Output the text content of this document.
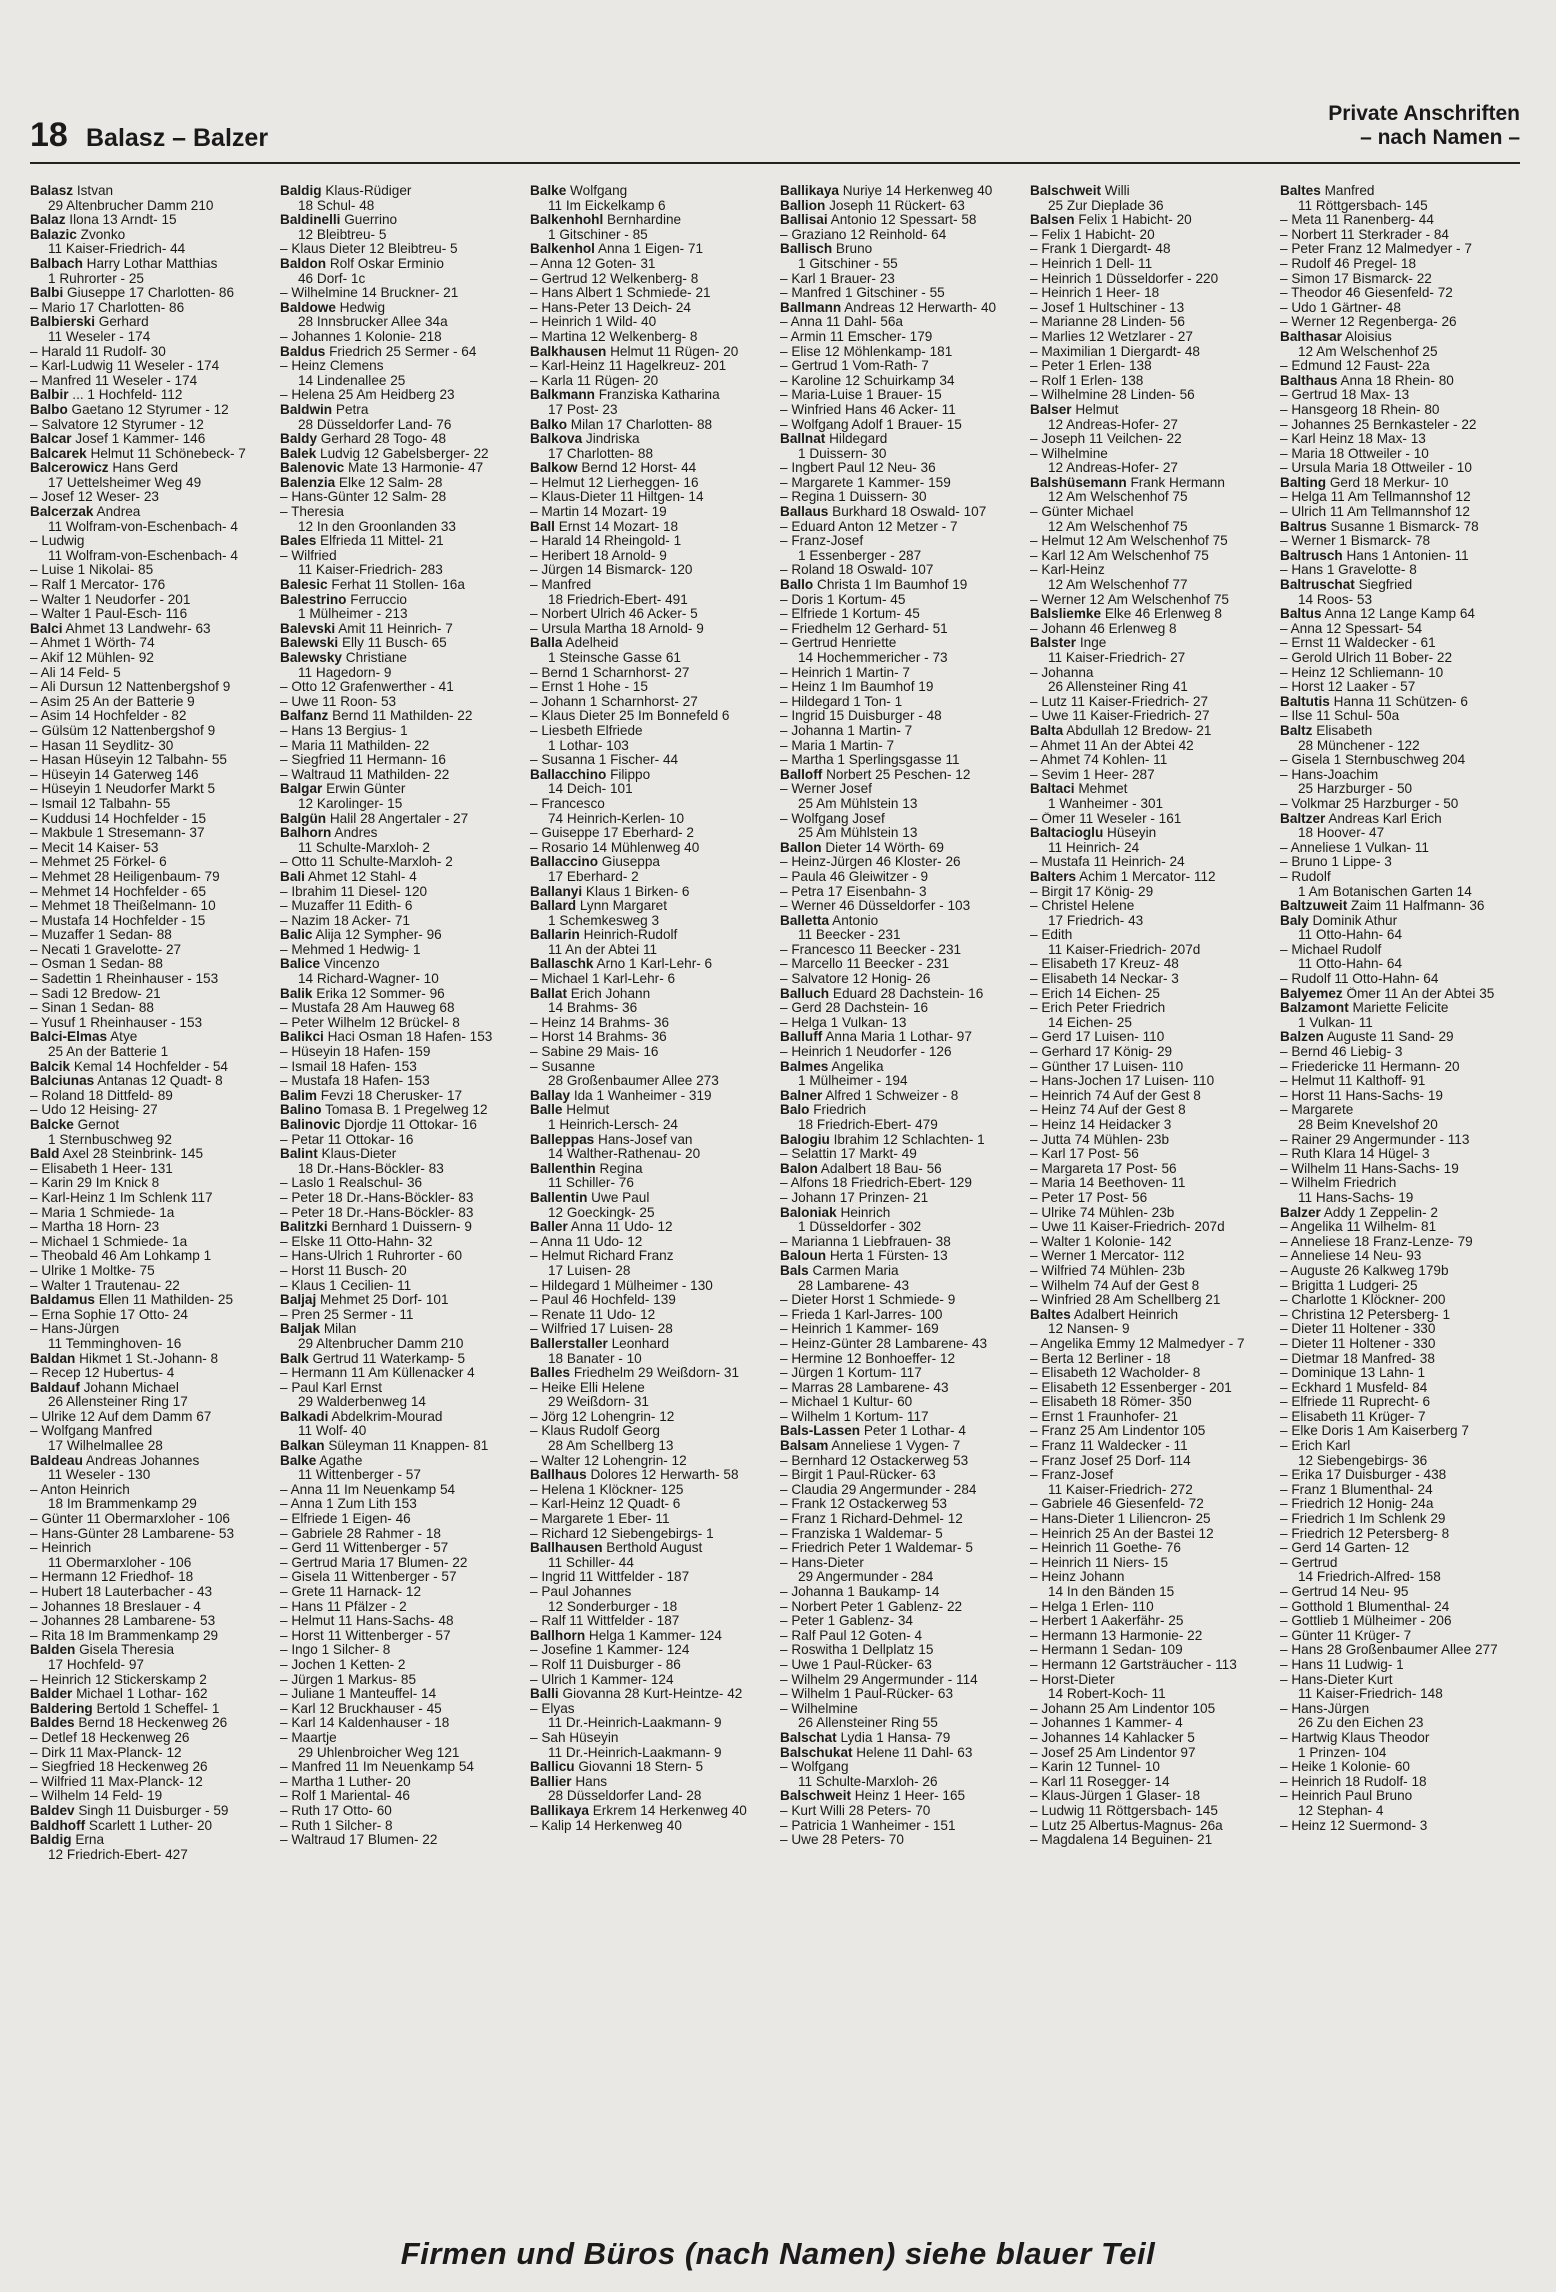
18 Balasz – Balzer
Private Anschriften
– nach Namen –
Balasz Istvan
29 Altenbrucher Damm 210
Balaz Ilona 13 Arndt- 15
Balazic Zvonko
11 Kaiser-Friedrich- 44
Balbach Harry Lothar Matthias
1 Ruhrorter - 25
Balbi Giuseppe 17 Charlotten- 86
– Mario 17 Charlotten- 86
Balbierski Gerhard
11 Weseler - 174
– Harald 11 Rudolf- 30
– Karl-Ludwig 11 Weseler - 174
– Manfred 11 Weseler - 174
Balbir ... 1 Hochfeld- 112
Balbo Gaetano 12 Styrumer - 12
– Salvatore 12 Styrumer - 12
Balcar Josef 1 Kammer- 146
Balcarek Helmut 11 Schönebeck- 7
Balcerowicz Hans Gerd
17 Uettelsheimer Weg 49
– Josef 12 Weser- 23
Balcerzak Andrea
11 Wolfram-von-Eschenbach- 4
– Ludwig
11 Wolfram-von-Eschenbach- 4
– Luise 1 Nikolai- 85
– Ralf 1 Mercator- 176
– Walter 1 Neudorfer - 201
– Walter 1 Paul-Esch- 116
Balci Ahmet 13 Landwehr- 63
– Ahmet 1 Wörth- 74
– Akif 12 Mühlen- 92
– Ali 14 Feld- 5
– Ali Dursun 12 Nattenbergshof 9
– Asim 25 An der Batterie 9
– Asim 14 Hochfelder - 82
– Gülsüm 12 Nattenbergshof 9
– Hasan 11 Seydlitz- 30
– Hasan Hüseyin 12 Talbahn- 55
– Hüseyin 14 Gaterweg 146
– Hüseyin 1 Neudorfer Markt 5
– Ismail 12 Talbahn- 55
– Kuddusi 14 Hochfelder - 15
– Makbule 1 Stresemann- 37
– Mecit 14 Kaiser- 53
– Mehmet 25 Förkel- 6
– Mehmet 28 Heiligenbaum- 79
– Mehmet 14 Hochfelder - 65
– Mehmet 18 Theißelmann- 10
– Mustafa 14 Hochfelder - 15
– Muzaffer 1 Sedan- 88
– Necati 1 Gravelotte- 27
– Osman 1 Sedan- 88
– Sadettin 1 Rheinhauser - 153
– Sadi 12 Bredow- 21
– Sinan 1 Sedan- 88
– Yusuf 1 Rheinhauser - 153
Balci-Elmas Atye
25 An der Batterie 1
Balcik Kemal 14 Hochfelder - 54
Balciunas Antanas 12 Quadt- 8
– Roland 18 Dittfeld- 89
– Udo 12 Heising- 27
Balcke Gernot
1 Sternbuschweg 92
Bald Axel 28 Steinbrink- 145
– Elisabeth 1 Heer- 131
– Karin 29 Im Knick 8
– Karl-Heinz 1 Im Schlenk 117
– Maria 1 Schmiede- 1a
– Martha 18 Horn- 23
– Michael 1 Schmiede- 1a
– Theobald 46 Am Lohkamp 1
– Ulrike 1 Moltke- 75
– Walter 1 Trautenau- 22
Baldamus Ellen 11 Mathilden- 25
– Erna Sophie 17 Otto- 24
– Hans-Jürgen
11 Temminghoven- 16
Baldan Hikmet 1 St.-Johann- 8
– Recep 12 Hubertus- 4
Baldauf Johann Michael
26 Allensteiner Ring 17
– Ulrike 12 Auf dem Damm 67
– Wolfgang Manfred
17 Wilhelmallee 28
Baldeau Andreas Johannes
11 Weseler - 130
– Anton Heinrich
18 Im Brammenkamp 29
– Günter 11 Obermarxloher - 106
– Hans-Günter 28 Lambarene- 53
– Heinrich
11 Obermarxloher - 106
– Hermann 12 Friedhof- 18
– Hubert 18 Lauterbacher - 43
– Johannes 18 Breslauer - 4
– Johannes 28 Lambarene- 53
– Rita 18 Im Brammenkamp 29
Balden Gisela Theresia
17 Hochfeld- 97
– Heinrich 12 Stickerskamp 2
Balder Michael 1 Lothar- 162
Baldering Bertold 1 Scheffel- 1
Baldes Bernd 18 Heckenweg 26
– Detlef 18 Heckenweg 26
– Dirk 11 Max-Planck- 12
– Siegfried 18 Heckenweg 26
– Wilfried 11 Max-Planck- 12
– Wilhelm 14 Feld- 19
Baldev Singh 11 Duisburger - 59
Baldhoff Scarlett 1 Luther- 20
Baldig Erna
12 Friedrich-Ebert- 427
Baldig Klaus-Rüdiger
18 Schul- 48
Baldinelli Guerrino
12 Bleibtreu- 5
– Klaus Dieter 12 Bleibtreu- 5
Baldon Rolf Oskar Erminio
46 Dorf- 1c
– Wilhelmine 14 Bruckner- 21
Baldowe Hedwig
28 Innsbrucker Allee 34a
– Johannes 1 Kolonie- 218
Baldus Friedrich 25 Sermer - 64
– Heinz Clemens
14 Lindenallee 25
– Helena 25 Am Heidberg 23
Baldwin Petra
28 Düsseldorfer Land- 76
Baldy Gerhard 28 Togo- 48
Balek Ludvig 12 Gabelsberger- 22
Balenovic Mate 13 Harmonie- 47
Balenzia Elke 12 Salm- 28
– Hans-Günter 12 Salm- 28
– Theresia
12 In den Groonlanden 33
Bales Elfrieda 11 Mittel- 21
– Wilfried
11 Kaiser-Friedrich- 283
Balesic Ferhat 11 Stollen- 16a
Balestrino Ferruccio
1 Mülheimer - 213
Balevski Amit 11 Heinrich- 7
Balewski Elly 11 Busch- 65
Balewsky Christiane
11 Hagedorn- 9
– Otto 12 Grafenwerther - 41
– Uwe 11 Roon- 53
Balfanz Bernd 11 Mathilden- 22
– Hans 13 Bergius- 1
– Maria 11 Mathilden- 22
– Siegfried 11 Hermann- 16
– Waltraud 11 Mathilden- 22
Balgar Erwin Günter
12 Karolinger- 15
Balgün Halil 28 Angertaler - 27
Balhorn Andres
11 Schulte-Marxloh- 2
– Otto 11 Schulte-Marxloh- 2
Bali Ahmet 12 Stahl- 4
– Ibrahim 11 Diesel- 120
– Muzaffer 11 Edith- 6
– Nazim 18 Acker- 71
Balic Alija 12 Sympher- 96
– Mehmed 1 Hedwig- 1
Balice Vincenzo
14 Richard-Wagner- 10
Balik Erika 12 Sommer- 96
– Mustafa 28 Am Hauweg 68
– Peter Wilhelm 12 Brückel- 8
Balikci Haci Osman 18 Hafen- 153
– Hüseyin 18 Hafen- 159
– Ismail 18 Hafen- 153
– Mustafa 18 Hafen- 153
Balim Fevzi 18 Cherusker- 17
Balino Tomasa B. 1 Pregelweg 12
Balinovic Djordje 11 Ottokar- 16
– Petar 11 Ottokar- 16
Balint Klaus-Dieter
18 Dr.-Hans-Böckler- 83
– Laslo 1 Realschul- 36
– Peter 18 Dr.-Hans-Böckler- 83
– Peter 18 Dr.-Hans-Böckler- 83
Balitzki Bernhard 1 Duissern- 9
– Elske 11 Otto-Hahn- 32
– Hans-Ulrich 1 Ruhrorter - 60
– Horst 11 Busch- 20
– Klaus 1 Cecilien- 11
Baljaj Mehmet 25 Dorf- 101
– Pren 25 Sermer - 11
Baljak Milan
29 Altenbrucher Damm 210
Balk Gertrud 11 Waterkamp- 5
– Hermann 11 Am Küllenacker 4
– Paul Karl Ernst
29 Walderbenweg 14
Balkadi Abdelkrim-Mourad
11 Wolf- 40
Balkan Süleyman 11 Knappen- 81
Balke Agathe
11 Wittenberger - 57
– Anna 11 Im Neuenkamp 54
– Anna 1 Zum Lith 153
– Elfriede 1 Eigen- 46
– Gabriele 28 Rahmer - 18
– Gerd 11 Wittenberger - 57
– Gertrud Maria 17 Blumen- 22
– Gisela 11 Wittenberger - 57
– Grete 11 Harnack- 12
– Hans 11 Pfälzer - 2
– Helmut 11 Hans-Sachs- 48
– Horst 11 Wittenberger - 57
– Ingo 1 Silcher- 8
– Jochen 1 Ketten- 2
– Jürgen 1 Markus- 85
– Juliane 1 Manteuffel- 14
– Karl 12 Bruckhauser - 45
– Karl 14 Kaldenhauser - 18
– Maartje
29 Uhlenbroicher Weg 121
– Manfred 11 Im Neuenkamp 54
– Martha 1 Luther- 20
– Rolf 1 Mariental- 46
– Ruth 17 Otto- 60
– Ruth 1 Silcher- 8
– Waltraud 17 Blumen- 22
Balke Wolfgang
11 Im Eickelkamp 6
Balkenhohl Bernhardine
1 Gitschiner - 85
Balkenhol Anna 1 Eigen- 71
– Anna 12 Goten- 31
– Gertrud 12 Welkenberg- 8
– Hans Albert 1 Schmiede- 21
– Hans-Peter 13 Deich- 24
– Heinrich 1 Wild- 40
– Martina 12 Welkenberg- 8
Balkhausen Helmut 11 Rügen- 20
– Karl-Heinz 11 Hagelkreuz- 201
– Karla 11 Rügen- 20
Balkmann Franziska Katharina
17 Post- 23
Balko Milan 17 Charlotten- 88
Balkova Jindriska
17 Charlotten- 88
Balkow Bernd 12 Horst- 44
– Helmut 12 Lierheggen- 16
– Klaus-Dieter 11 Hiltgen- 14
– Martin 14 Mozart- 19
Ball Ernst 14 Mozart- 18
– Harald 14 Rheingold- 1
– Heribert 18 Arnold- 9
– Jürgen 14 Bismarck- 120
– Manfred
18 Friedrich-Ebert- 491
– Norbert Ulrich 46 Acker- 5
– Ursula Martha 18 Arnold- 9
Balla Adelheid
1 Steinsche Gasse 61
– Bernd 1 Scharnhorst- 27
– Ernst 1 Hohe - 15
– Johann 1 Scharnhorst- 27
– Klaus Dieter 25 Im Bonnefeld 6
– Liesbeth Elfriede
1 Lothar- 103
– Susanna 1 Fischer- 44
Ballacchino Filippo
14 Deich- 101
– Francesco
74 Heinrich-Kerlen- 10
– Guiseppe 17 Eberhard- 2
– Rosario 14 Mühlenweg 40
Ballaccino Giuseppa
17 Eberhard- 2
Ballanyi Klaus 1 Birken- 6
Ballard Lynn Margaret
1 Schemkesweg 3
Ballarin Heinrich-Rudolf
11 An der Abtei 11
Ballaschk Arno 1 Karl-Lehr- 6
– Michael 1 Karl-Lehr- 6
Ballat Erich Johann
14 Brahms- 36
– Heinz 14 Brahms- 36
– Horst 14 Brahms- 36
– Sabine 29 Mais- 16
– Susanne
28 Großenbaumer Allee 273
Ballay Ida 1 Wanheimer - 319
Balle Helmut
1 Heinrich-Lersch- 24
Balleppas Hans-Josef van
14 Walther-Rathenau- 20
Ballenthin Regina
11 Schiller- 76
Ballentin Uwe Paul
12 Goeckingk- 25
Baller Anna 11 Udo- 12
– Anna 11 Udo- 12
– Helmut Richard Franz
17 Luisen- 28
– Hildegard 1 Mülheimer - 130
– Paul 46 Hochfeld- 139
– Renate 11 Udo- 12
– Wilfried 17 Luisen- 28
Ballerstaller Leonhard
18 Banater - 10
Balles Friedhelm 29 Weißdorn- 31
– Heike Elli Helene
29 Weißdorn- 31
– Jörg 12 Lohengrin- 12
– Klaus Rudolf Georg
28 Am Schellberg 13
– Walter 12 Lohengrin- 12
Ballhaus Dolores 12 Herwarth- 58
– Helena 1 Klöckner- 125
– Karl-Heinz 12 Quadt- 6
– Margarete 1 Eber- 11
– Richard 12 Siebengebirgs- 1
Ballhausen Berthold August
11 Schiller- 44
– Ingrid 11 Wittfelder - 187
– Paul Johannes
12 Sonderburger - 18
– Ralf 11 Wittfelder - 187
Ballhorn Helga 1 Kammer- 124
– Josefine 1 Kammer- 124
– Rolf 11 Duisburger - 86
– Ulrich 1 Kammer- 124
Balli Giovanna 28 Kurt-Heintze- 42
– Elyas
11 Dr.-Heinrich-Laakmann- 9
– Sah Hüseyin
11 Dr.-Heinrich-Laakmann- 9
Ballicu Giovanni 18 Stern- 5
Ballier Hans
28 Düsseldorfer Land- 28
Ballikaya Erkrem 14 Herkenweg 40
– Kalip 14 Herkenweg 40
Ballikaya Nuriye 14 Herkenweg 40
Ballion Joseph 11 Rückert- 63
Ballisai Antonio 12 Spessart- 58
– Graziano 12 Reinhold- 64
Ballisch Bruno
1 Gitschiner - 55
– Karl 1 Brauer- 23
– Manfred 1 Gitschiner - 55
Ballmann Andreas 12 Herwarth- 40
– Anna 11 Dahl- 56a
– Armin 11 Emscher- 179
– Elise 12 Möhlenkamp- 181
– Gertrud 1 Vom-Rath- 7
– Karoline 12 Schuirkamp 34
– Maria-Luise 1 Brauer- 15
– Winfried Hans 46 Acker- 11
– Wolfgang Adolf 1 Brauer- 15
Ballnat Hildegard
1 Duissern- 30
– Ingbert Paul 12 Neu- 36
– Margarete 1 Kammer- 159
– Regina 1 Duissern- 30
Ballaus Burkhard 18 Oswald- 107
– Eduard Anton 12 Metzer - 7
– Franz-Josef
1 Essenberger - 287
– Roland 18 Oswald- 107
Ballo Christa 1 Im Baumhof 19
– Doris 1 Kortum- 45
– Elfriede 1 Kortum- 45
– Friedhelm 12 Gerhard- 51
– Gertrud Henriette
14 Hochemmericher - 73
– Heinrich 1 Martin- 7
– Heinz 1 Im Baumhof 19
– Hildegard 1 Ton- 1
– Ingrid 15 Duisburger - 48
– Johanna 1 Martin- 7
– Maria 1 Martin- 7
– Martha 1 Sperlingsgasse 11
Balloff Norbert 25 Peschen- 12
– Werner Josef
25 Am Mühlstein 13
– Wolfgang Josef
25 Am Mühlstein 13
Ballon Dieter 14 Wörth- 69
– Heinz-Jürgen 46 Kloster- 26
– Paula 46 Gleiwitzer - 9
– Petra 17 Eisenbahn- 3
– Werner 46 Düsseldorfer - 103
Balletta Antonio
11 Beecker - 231
– Francesco 11 Beecker - 231
– Marcello 11 Beecker - 231
– Salvatore 12 Honig- 26
Balluch Eduard 28 Dachstein- 16
– Gerd 28 Dachstein- 16
– Helga 1 Vulkan- 13
Balluff Anna Maria 1 Lothar- 97
– Heinrich 1 Neudorfer - 126
Balmes Angelika
1 Mülheimer - 194
Balner Alfred 1 Schweizer - 8
Balo Friedrich
18 Friedrich-Ebert- 479
Balogiu Ibrahim 12 Schlachten- 1
– Selattin 17 Markt- 49
Balon Adalbert 18 Bau- 56
– Alfons 18 Friedrich-Ebert- 129
– Johann 17 Prinzen- 21
Baloniak Heinrich
1 Düsseldorfer - 302
– Marianna 1 Liebfrauen- 38
Baloun Herta 1 Fürsten- 13
Bals Carmen Maria
28 Lambarene- 43
– Dieter Horst 1 Schmiede- 9
– Frieda 1 Karl-Jarres- 100
– Heinrich 1 Kammer- 169
– Heinz-Günter 28 Lambarene- 43
– Hermine 12 Bonhoeffer- 12
– Jürgen 1 Kortum- 117
– Marras 28 Lambarene- 43
– Michael 1 Kultur- 60
– Wilhelm 1 Kortum- 117
Bals-Lassen Peter 1 Lothar- 4
Balsam Anneliese 1 Vygen- 7
– Bernhard 12 Ostackerweg 53
– Birgit 1 Paul-Rücker- 63
– Claudia 29 Angermunder - 284
– Frank 12 Ostackerweg 53
– Franz 1 Richard-Dehmel- 12
– Franziska 1 Waldemar- 5
– Friedrich Peter 1 Waldemar- 5
– Hans-Dieter
29 Angermunder - 284
– Johanna 1 Baukamp- 14
– Norbert Peter 1 Gablenz- 22
– Peter 1 Gablenz- 34
– Ralf Paul 12 Goten- 4
– Roswitha 1 Dellplatz 15
– Uwe 1 Paul-Rücker- 63
– Wilhelm 29 Angermunder - 114
– Wilhelm 1 Paul-Rücker- 63
– Wilhelmine
26 Allensteiner Ring 55
Balschat Lydia 1 Hansa- 79
Balschukat Helene 11 Dahl- 63
– Wolfgang
11 Schulte-Marxloh- 26
Balschweit Heinz 1 Heer- 165
– Kurt Willi 28 Peters- 70
– Patricia 1 Wanheimer - 151
– Uwe 28 Peters- 70
Balschweit Willi
25 Zur Dieplade 36
Balsen Felix 1 Habicht- 20
– Felix 1 Habicht- 20
– Frank 1 Diergardt- 48
– Heinrich 1 Dell- 11
– Heinrich 1 Düsseldorfer - 220
– Heinrich 1 Heer- 18
– Josef 1 Hultschiner - 13
– Marianne 28 Linden- 56
– Marlies 12 Wetzlarer - 27
– Maximilian 1 Diergardt- 48
– Peter 1 Erlen- 138
– Rolf 1 Erlen- 138
– Wilhelmine 28 Linden- 56
Balser Helmut
12 Andreas-Hofer- 27
– Joseph 11 Veilchen- 22
– Wilhelmine
12 Andreas-Hofer- 27
Balshüsemann Frank Hermann
12 Am Welschenhof 75
– Günter Michael
12 Am Welschenhof 75
– Helmut 12 Am Welschenhof 75
– Karl 12 Am Welschenhof 75
– Karl-Heinz
12 Am Welschenhof 77
– Werner 12 Am Welschenhof 75
Balsliemke Elke 46 Erlenweg 8
– Johann 46 Erlenweg 8
Balster Inge
11 Kaiser-Friedrich- 27
– Johanna
26 Allensteiner Ring 41
– Lutz 11 Kaiser-Friedrich- 27
– Uwe 11 Kaiser-Friedrich- 27
Balta Abdullah 12 Bredow- 21
– Ahmet 11 An der Abtei 42
– Ahmet 74 Kohlen- 11
– Sevim 1 Heer- 287
Baltaci Mehmet
1 Wanheimer - 301
– Ömer 11 Weseler - 161
Baltacioglu Hüseyin
11 Heinrich- 24
– Mustafa 11 Heinrich- 24
Balters Achim 1 Mercator- 112
– Birgit 17 König- 29
– Christel Helene
17 Friedrich- 43
– Edith
11 Kaiser-Friedrich- 207d
– Elisabeth 17 Kreuz- 48
– Elisabeth 14 Neckar- 3
– Erich 14 Eichen- 25
– Erich Peter Friedrich
14 Eichen- 25
– Gerd 17 Luisen- 110
– Gerhard 17 König- 29
– Günther 17 Luisen- 110
– Hans-Jochen 17 Luisen- 110
– Heinrich 74 Auf der Gest 8
– Heinz 74 Auf der Gest 8
– Heinz 14 Heidacker 3
– Jutta 74 Mühlen- 23b
– Karl 17 Post- 56
– Margareta 17 Post- 56
– Maria 14 Beethoven- 11
– Peter 17 Post- 56
– Ulrike 74 Mühlen- 23b
– Uwe 11 Kaiser-Friedrich- 207d
– Walter 1 Kolonie- 142
– Werner 1 Mercator- 112
– Wilfried 74 Mühlen- 23b
– Wilhelm 74 Auf der Gest 8
– Winfried 28 Am Schellberg 21
Baltes Adalbert Heinrich
12 Nansen- 9
– Angelika Emmy 12 Malmedyer - 7
– Berta 12 Berliner - 18
– Elisabeth 12 Wacholder- 8
– Elisabeth 12 Essenberger - 201
– Elisabeth 18 Römer- 350
– Ernst 1 Fraunhofer- 21
– Franz 25 Am Lindentor 105
– Franz 11 Waldecker - 11
– Franz Josef 25 Dorf- 114
– Franz-Josef
11 Kaiser-Friedrich- 272
– Gabriele 46 Giesenfeld- 72
– Hans-Dieter 1 Liliencron- 25
– Heinrich 25 An der Bastei 12
– Heinrich 11 Goethe- 76
– Heinrich 11 Niers- 15
– Heinz Johann
14 In den Bänden 15
– Helga 1 Erlen- 110
– Herbert 1 Aakerfähr- 25
– Hermann 13 Harmonie- 22
– Hermann 1 Sedan- 109
– Hermann 12 Gartsträucher - 113
– Horst-Dieter
14 Robert-Koch- 11
– Johann 25 Am Lindentor 105
– Johannes 1 Kammer- 4
– Johannes 14 Kahlacker 5
– Josef 25 Am Lindentor 97
– Karin 12 Tunnel- 10
– Karl 11 Rosegger- 14
– Klaus-Jürgen 1 Glaser- 18
– Ludwig 11 Röttgersbach- 145
– Lutz 25 Albertus-Magnus- 26a
– Magdalena 14 Beguinen- 21
Baltes Manfred
11 Röttgersbach- 145
– Meta 11 Ranenberg- 44
– Norbert 11 Sterkrader - 84
– Peter Franz 12 Malmedyer - 7
– Rudolf 46 Pregel- 18
– Simon 17 Bismarck- 22
– Theodor 46 Giesenfeld- 72
– Udo 1 Gärtner- 48
– Werner 12 Regenberga- 26
Balthasar Aloisius
12 Am Welschenhof 25
– Edmund 12 Faust- 22a
Balthaus Anna 18 Rhein- 80
– Gertrud 18 Max- 13
– Hansgeorg 18 Rhein- 80
– Johannes 25 Bernkasteler - 22
– Karl Heinz 18 Max- 13
– Maria 18 Ottweiler - 10
– Ursula Maria 18 Ottweiler - 10
Balting Gerd 18 Merkur- 10
– Helga 11 Am Tellmannshof 12
– Ulrich 11 Am Tellmannshof 12
Baltrus Susanne 1 Bismarck- 78
– Werner 1 Bismarck- 78
Baltrusch Hans 1 Antonien- 11
– Hans 1 Gravelotte- 8
Baltruschat Siegfried
14 Roos- 53
Baltus Anna 12 Lange Kamp 64
– Anna 12 Spessart- 54
– Ernst 11 Waldecker - 61
– Gerold Ulrich 11 Bober- 22
– Heinz 12 Schliemann- 10
– Horst 12 Laaker - 57
Baltutis Hanna 11 Schützen- 6
– Ilse 11 Schul- 50a
Baltz Elisabeth
28 Münchener - 122
– Gisela 1 Sternbuschweg 204
– Hans-Joachim
25 Harzburger - 50
– Volkmar 25 Harzburger - 50
Baltzer Andreas Karl Erich
18 Hoover- 47
– Anneliese 1 Vulkan- 11
– Bruno 1 Lippe- 3
– Rudolf
1 Am Botanischen Garten 14
Baltzuweit Zaim 11 Halfmann- 36
Baly Dominik Athur
11 Otto-Hahn- 64
– Michael Rudolf
11 Otto-Hahn- 64
– Rudolf 11 Otto-Hahn- 64
Balyemez Ömer 11 An der Abtei 35
Balzamont Mariette Felicite
1 Vulkan- 11
Balzen Auguste 11 Sand- 29
– Bernd 46 Liebig- 3
– Friedericke 11 Hermann- 20
– Helmut 11 Kalthoff- 91
– Horst 11 Hans-Sachs- 19
– Margarete
28 Beim Knevelshof 20
– Rainer 29 Angermunder - 113
– Ruth Klara 14 Hügel- 3
– Wilhelm 11 Hans-Sachs- 19
– Wilhelm Friedrich
11 Hans-Sachs- 19
Balzer Addy 1 Zeppelin- 2
– Angelika 11 Wilhelm- 81
– Anneliese 18 Franz-Lenze- 79
– Anneliese 14 Neu- 93
– Auguste 26 Kalkweg 179b
– Brigitta 1 Ludgeri- 25
– Charlotte 1 Klöckner- 200
– Christina 12 Petersberg- 1
– Dieter 11 Holtener - 330
– Dieter 11 Holtener - 330
– Dietmar 18 Manfred- 38
– Dominique 13 Lahn- 1
– Eckhard 1 Musfeld- 84
– Elfriede 11 Ruprecht- 6
– Elisabeth 11 Krüger- 7
– Elke Doris 1 Am Kaiserberg 7
– Erich Karl
12 Siebengebirgs- 36
– Erika 17 Duisburger - 438
– Franz 1 Blumenthal- 24
– Friedrich 12 Honig- 24a
– Friedrich 1 Im Schlenk 29
– Friedrich 12 Petersberg- 8
– Gerd 14 Garten- 12
– Gertrud
14 Friedrich-Alfred- 158
– Gertrud 14 Neu- 95
– Gotthold 1 Blumenthal- 24
– Gottlieb 1 Mülheimer - 206
– Günter 11 Krüger- 7
– Hans 28 Großenbaumer Allee 277
– Hans 11 Ludwig- 1
– Hans-Dieter Kurt
11 Kaiser-Friedrich- 148
– Hans-Jürgen
26 Zu den Eichen 23
– Hartwig Klaus Theodor
1 Prinzen- 104
– Heike 1 Kolonie- 60
– Heinrich 18 Rudolf- 18
– Heinrich Paul Bruno
12 Stephan- 4
– Heinz 12 Suermond- 3
Firmen und Büros (nach Namen) siehe blauer Teil
